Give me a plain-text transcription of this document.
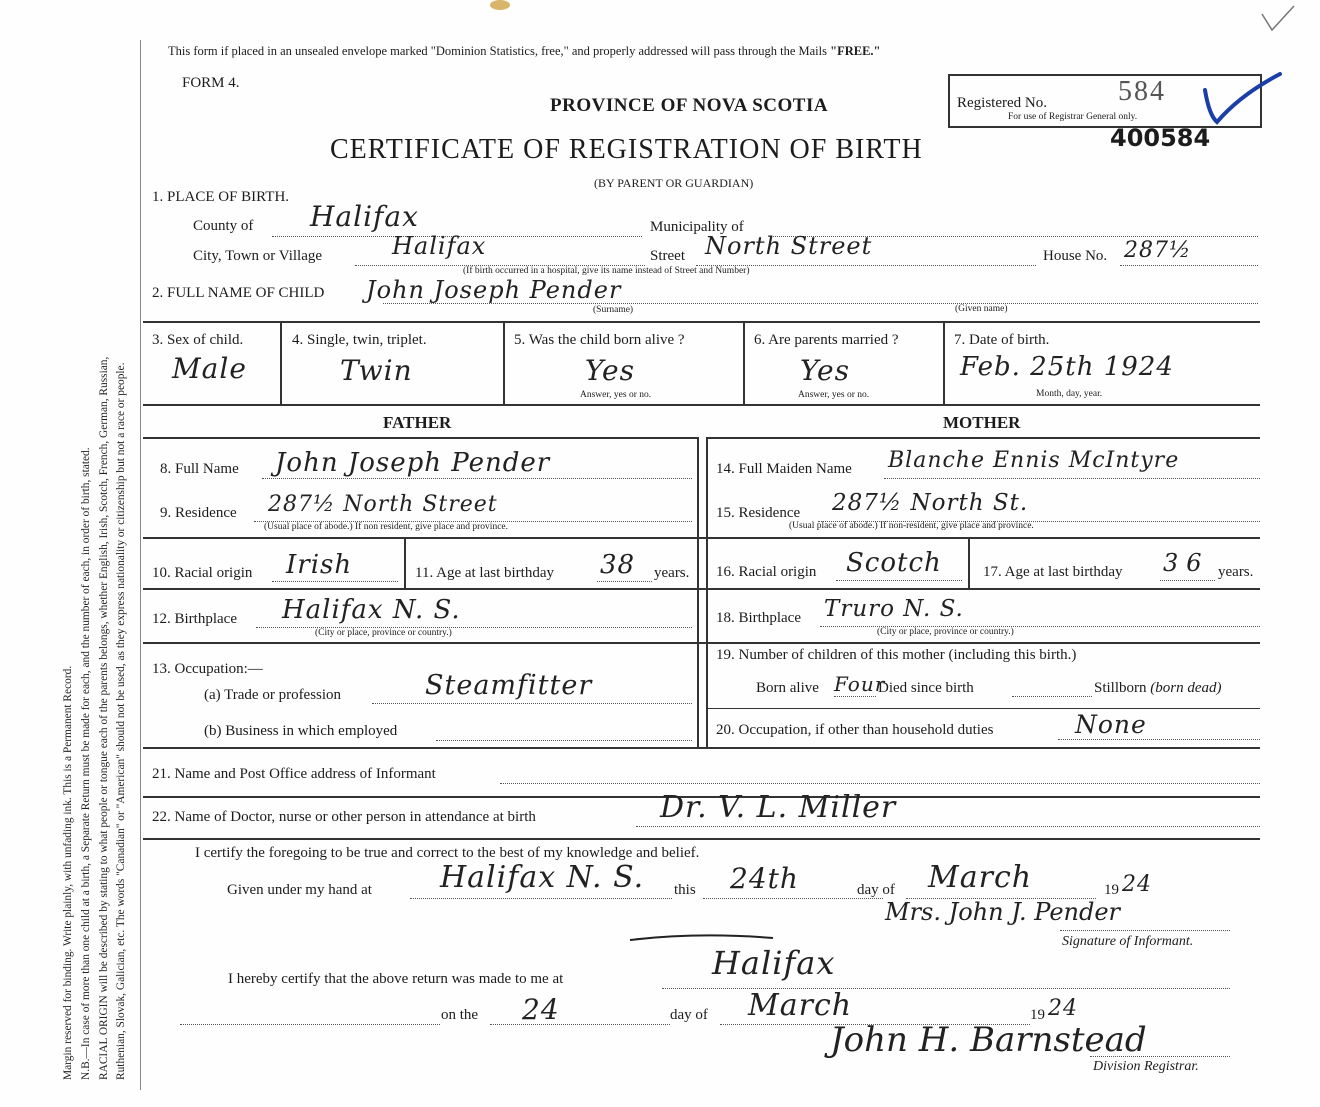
Margin reserved for binding. Write plainly, with unfading ink. This is a Permanent Record. N.B.—In case of more than one child at a birth, a Separate Return must be made for each, and the number of each, in order of birth, stated. RACIAL ORIGIN will be described by stating to what people or tongue each of the parents belongs, whether English, Irish, Scotch, French, German, Russian, Ruthenian, Slovak, Galician, etc. The words "Canadian" or "American" should not be used, as they express nationality or citizenship but not a race or people.
This form if placed in an unsealed envelope marked "Dominion Statistics, free," and properly addressed will pass through the Mails "FREE."
FORM 4.
PROVINCE OF NOVA SCOTIA
CERTIFICATE OF REGISTRATION OF BIRTH
(BY PARENT OR GUARDIAN)
Registered No.	584
For use of Registrar General only.
400584
1. PLACE OF BIRTH.
County of Halifax	Municipality of
City, Town or Village	Halifax	Street North Street	House No. 287½
(If birth occurred in a hospital, give its name instead of Street and Number)
2. FULL NAME OF CHILD John Joseph Pender
(Surname)	(Given name)
3. Sex of child.
Male
4. Single, twin, triplet.
Twin
5. Was the child born alive ?
Yes
Answer, yes or no.
6. Are parents married ?
Yes
Answer, yes or no.
7. Date of birth.
Feb. 25th 1924
Month, day, year.
FATHER	MOTHER
8. Full Name John Joseph Pender
9. Residence 287½ North Street
(Usual place of abode.) If non resident, give place and province.
10. Racial origin Irish	11. Age at last birthday 38 years.
12. Birthplace Halifax N. S.
(City or place, province or country.)
13. Occupation:—
(a) Trade or profession	Steamfitter
(b) Business in which employed
14. Full Maiden Name Blanche Ennis McIntyre
15. Residence 287½ North St.
(Usual place of abode.) If non-resident, give place and province.
16. Racial origin Scotch	17. Age at last birthday 36 years.
18. Birthplace Truro N. S.
(City or place, province or country.)
19. Number of children of this mother (including this birth.)
Born alive Four
Died since birth	Stillborn (born dead)
20. Occupation, if other than household duties	None
21. Name and Post Office address of Informant
22. Name of Doctor, nurse or other person in attendance at birth	Dr. V. L. Miller
I certify the foregoing to be true and correct to the best of my knowledge and belief.
Given under my hand at Halifax N. S. this 24th	day of March	19 24
Mrs. John J. Pender
Signature of Informant.
I hereby certify that the above return was made to me at	Halifax
on the 24	day of March	19 24
John H. Barnstead
Division Registrar.
